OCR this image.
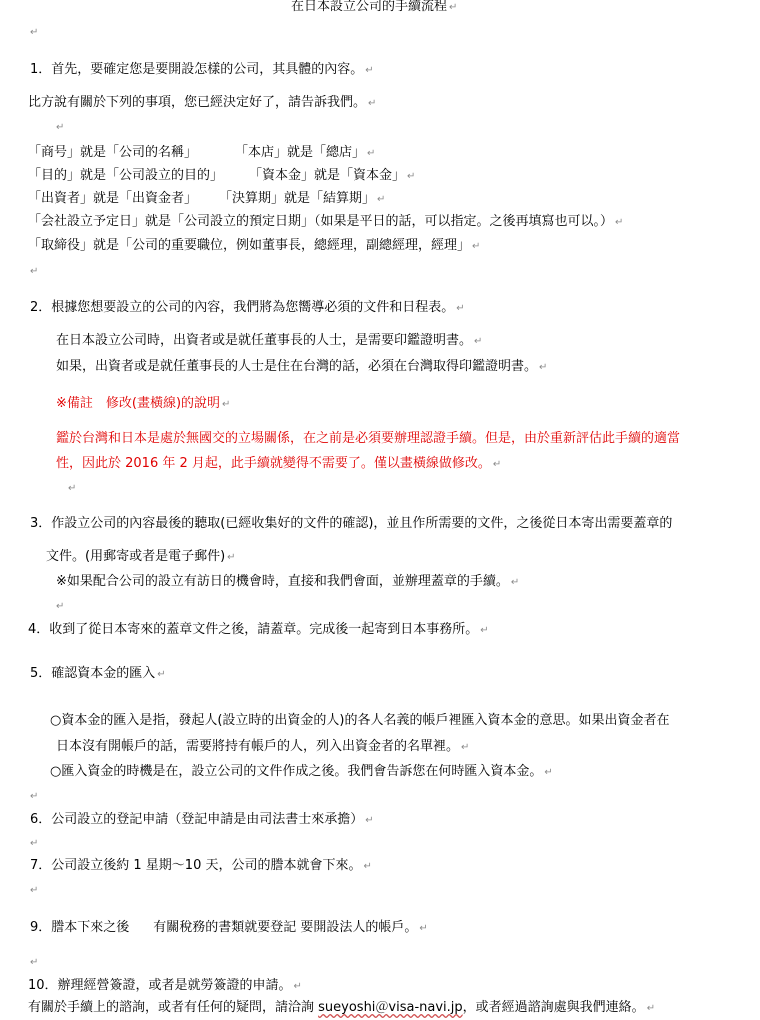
在日本設立公司的手續流程 ↵
↵
1．首先，要確定您是要開設怎樣的公司，其具體的內容。 ↵
比方說有關於下列的事項，您已經決定好了，請告訴我們。 ↵
↵
「商号」就是「公司的名稱」	「本店」就是「總店」 ↵
「目的」就是「公司設立的目的」 「資本金」就是「資本金」 ↵
「出資者」就是「出資金者」 「決算期」就是「結算期」 ↵
「会社設立予定日」就是「公司設立的預定日期」（如果是平日的話，可以指定。之後再填寫也可以。） ↵
「取締役」就是「公司的重要職位，例如董事長，總經理，副總經理，經理」 ↵
↵
2．根據您想要設立的公司的內容，我們將為您嚮導必須的文件和日程表。 ↵
在日本設立公司時，出資者或是就任董事長的人士，是需要印鑑證明書。 ↵
如果，出資者或是就任董事長的人士是住在台灣的話，必須在台灣取得印鑑證明書。 ↵
※備註　修改(畫橫線)的說明 ↵
鑑於台灣和日本是處於無國交的立場關係，在之前是必須要辦理認證手續。但是，由於重新評估此手續的適當
性，因此於 2016 年 2 月起，此手續就變得不需要了。僅以畫橫線做修改。 ↵
↵
3．作設立公司的內容最後的聽取(已經收集好的文件的確認)，並且作所需要的文件，之後從日本寄出需要蓋章的
文件。(用郵寄或者是電子郵件) ↵
※如果配合公司的設立有訪日的機會時，直接和我們會面，並辦理蓋章的手續。 ↵
↵
4．收到了從日本寄來的蓋章文件之後，請蓋章。完成後一起寄到日本事務所。 ↵
5．確認資本金的匯入 ↵
○資本金的匯入是指，發起人(設立時的出資金的人)的各人名義的帳戶裡匯入資本金的意思。如果出資金者在
日本沒有開帳戶的話，需要將持有帳戶的人，列入出資金者的名單裡。 ↵
○匯入資金的時機是在，設立公司的文件作成之後。我們會告訴您在何時匯入資本金。 ↵
↵
6．公司設立的登記申請（登記申請是由司法書士來承擔） ↵
↵
7．公司設立後約 1 星期～10 天，公司的謄本就會下來。 ↵
↵
9．謄本下來之後 有關稅務的書類就要登記 要開設法人的帳戶。 ↵
↵
10．辦理經營簽證，或者是就勞簽證的申請。 ↵
有關於手續上的諮詢，或者有任何的疑問，請洽詢 sueyoshi＠visa-navi.jp，或者經過諮詢處與我們連絡。 ↵
